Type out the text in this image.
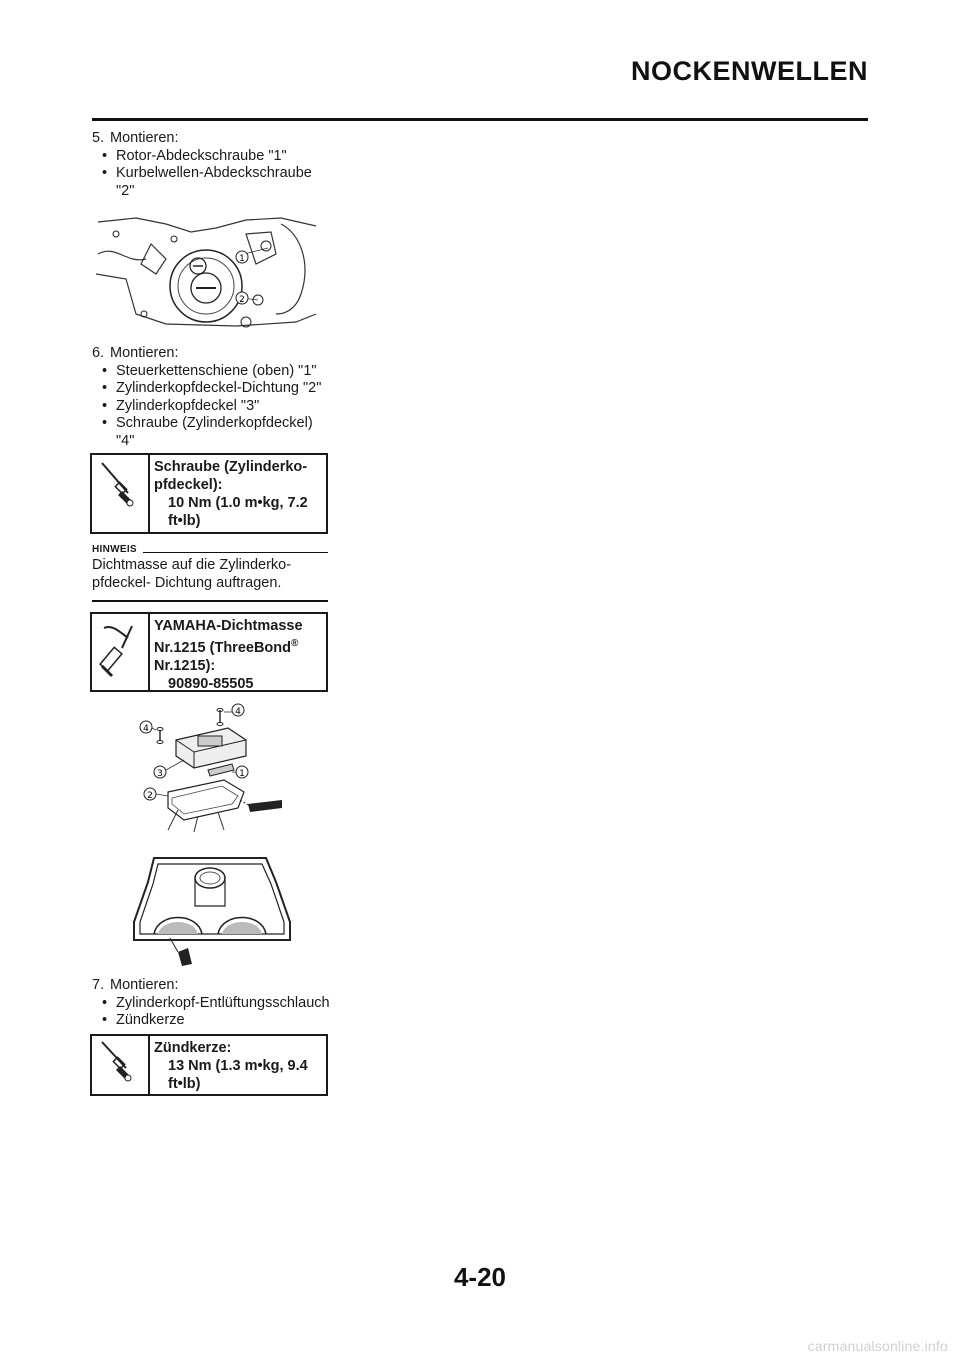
NOCKENWELLEN

5. Montieren:

• Rotor-Abdeckschraube "1"
• Kurbelwellen-Abdeckschraube "2"
1
2

6. Montieren:

• Steuerkettenschiene (oben) "1"
• Zylinderkopfdeckel-Dichtung "2"
• Zylinderkopfdeckel "3"
• Schraube (Zylinderkopfdeckel) "4"
Schraube (Zylinderko-pfdeckel):
10 Nm (1.0 m•kg, 7.2 ft•lb)
HINWEIS
Dichtmasse auf die Zylinderko-pfdeckel- Dichtung auftragen.
YAMAHA-Dichtmasse
Nr.1215 (ThreeBond®
Nr.1215):
90890-85505
4
4
3	1
2

7. Montieren:

• Zylinderkopf-Entlüftungsschlauch
• Zündkerze
Zündkerze:
13 Nm (1.3 m•kg, 9.4 ft•lb)
4-20
carmanualsonline.info
